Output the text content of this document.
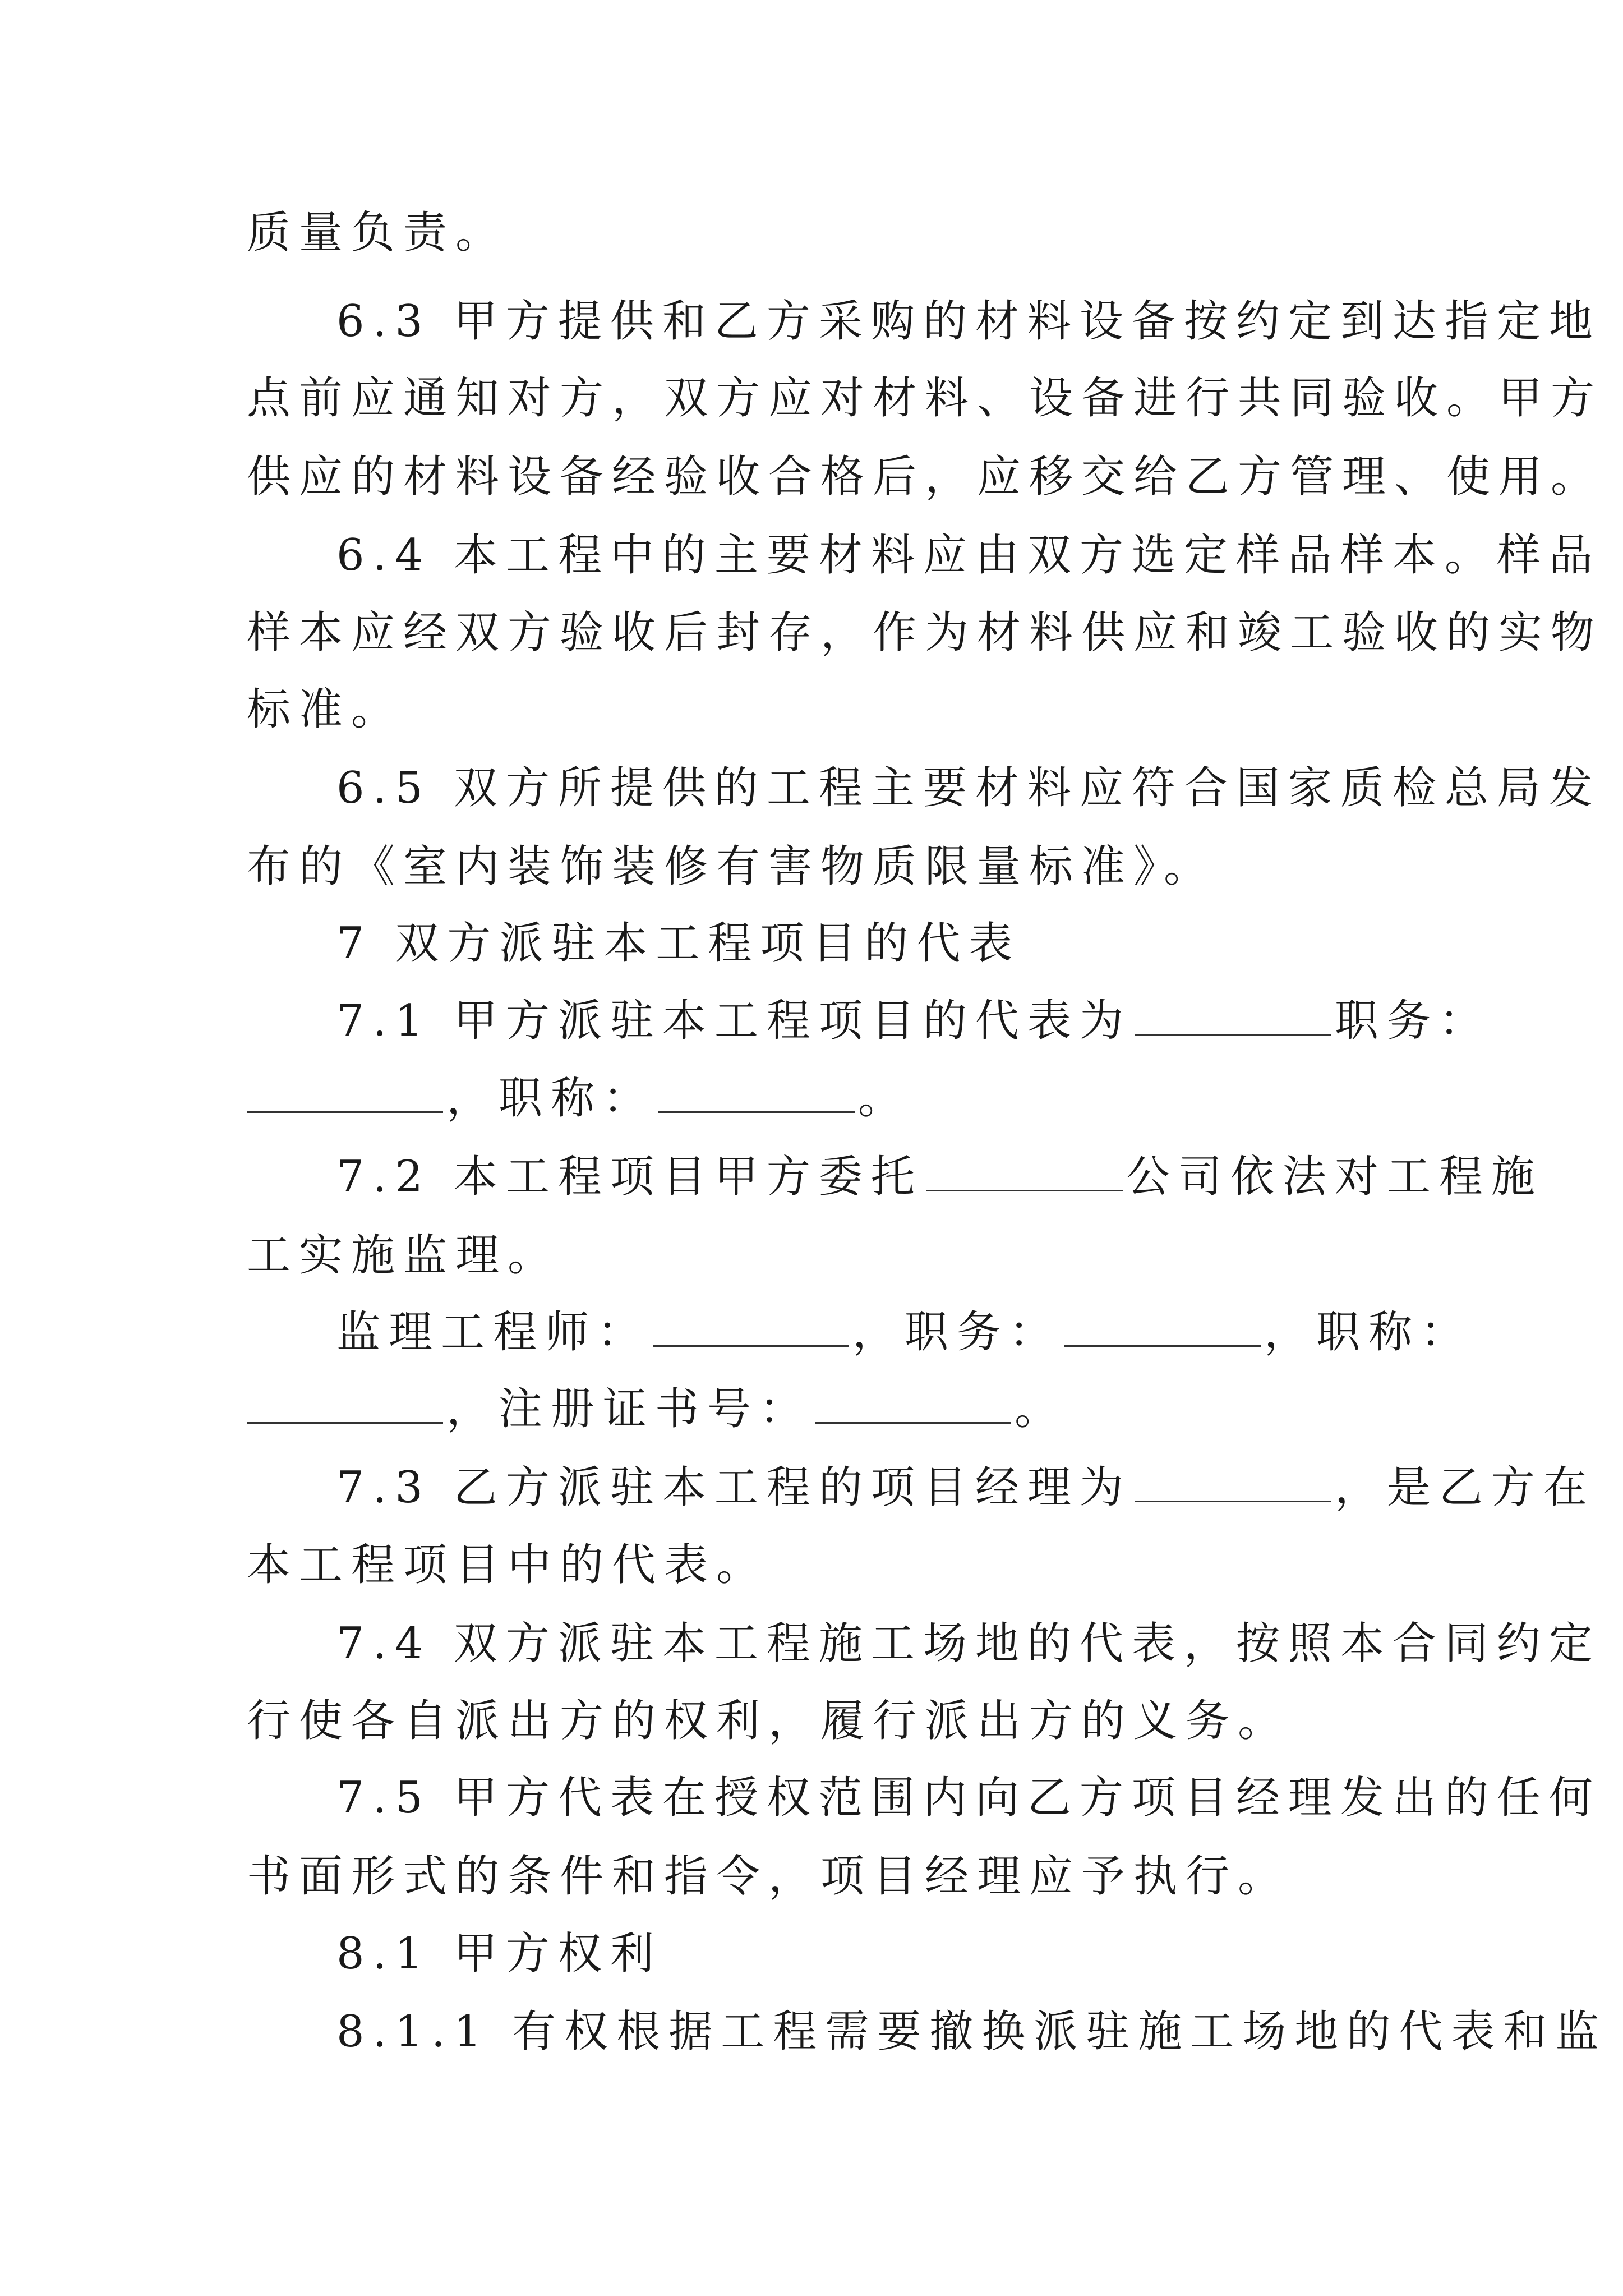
质量负责。
6.3 甲方提供和乙方采购的材料设备按约定到达指定地
点前应通知对方，双方应对材料、设备进行共同验收。甲方
供应的材料设备经验收合格后，应移交给乙方管理、使用。
6.4 本工程中的主要材料应由双方选定样品样本。样品
样本应经双方验收后封存，作为材料供应和竣工验收的实物
标准。
6.5 双方所提供的工程主要材料应符合国家质检总局发
布的《室内装饰装修有害物质限量标准》。
7 双方派驻本工程项目的代表
7.1 甲方派驻本工程项目的代表为	职务：
，职称：	。
7.2 本工程项目甲方委托	公司依法对工程施
工实施监理。
监理工程师：	，职务：	，职称：
，注册证书号：	。
7.3 乙方派驻本工程的项目经理为	，是乙方在
本工程项目中的代表。
7.4 双方派驻本工程施工场地的代表，按照本合同约定
行使各自派出方的权利，履行派出方的义务。
7.5 甲方代表在授权范围内向乙方项目经理发出的任何
书面形式的条件和指令，项目经理应予执行。
8.1 甲方权利
8.1.1 有权根据工程需要撤换派驻施工场地的代表和监
